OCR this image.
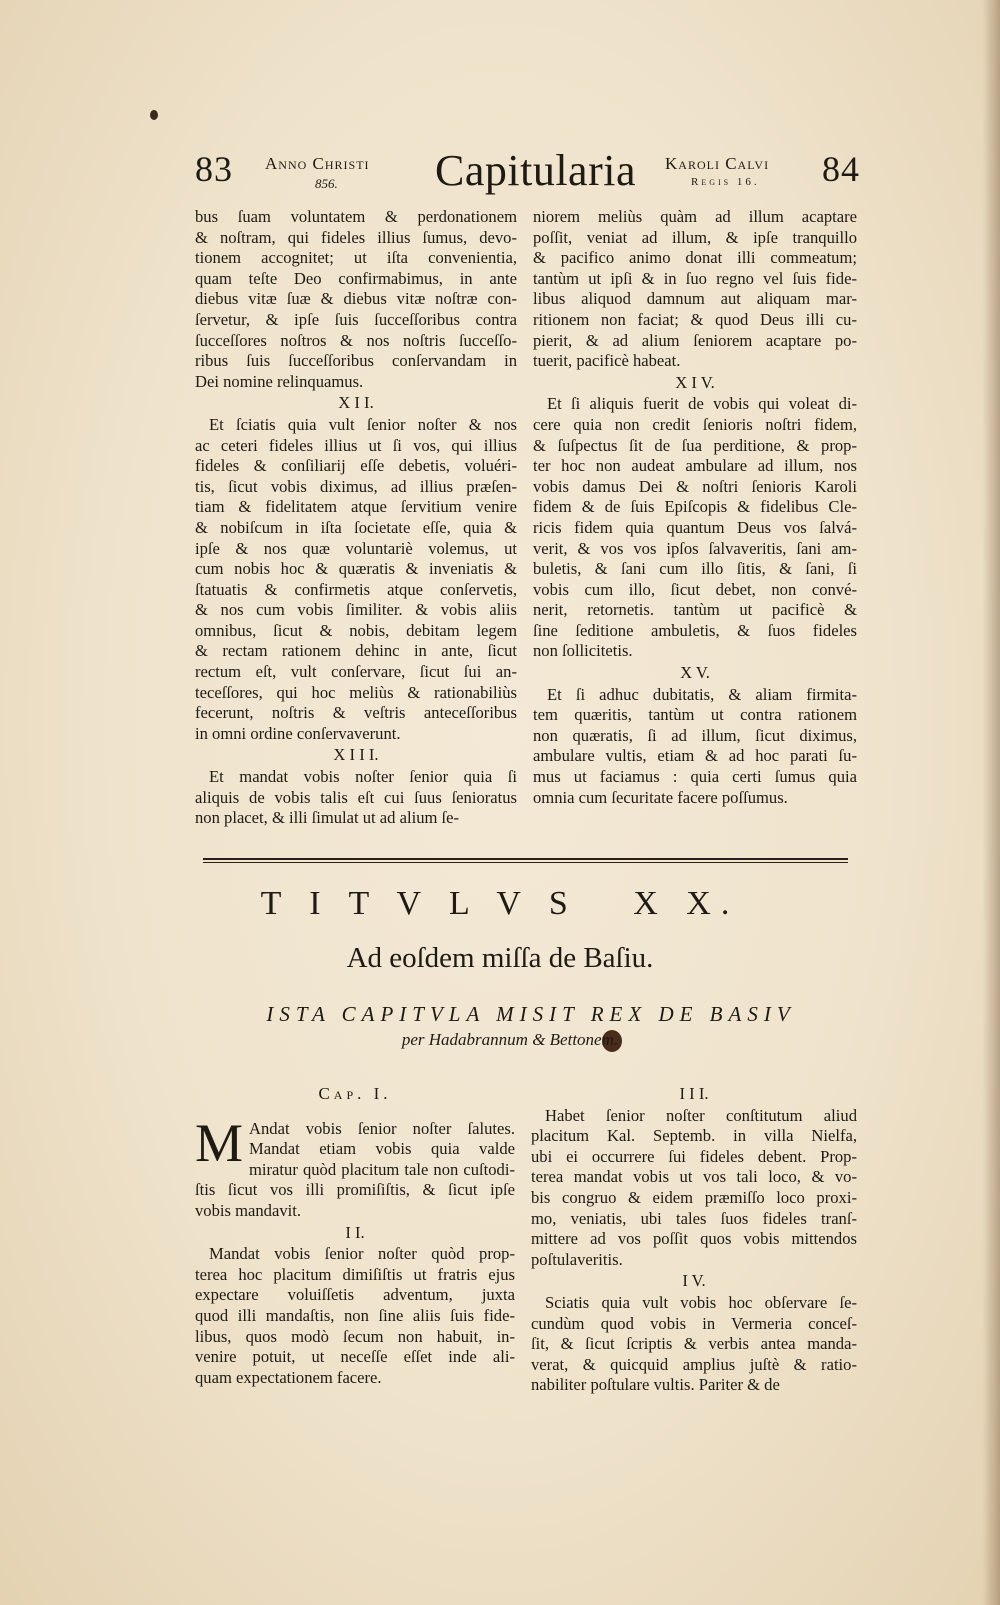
83 Anno Christi
856. Capitularia Karoli Calvi
Regis 16. 84
bus ſuam voluntatem & perdonationem
& noſtram, qui fideles illius ſumus, devo-
tionem accognitet; ut iſta convenientia,
quam teſte Deo confirmabimus, in ante
diebus vitæ ſuæ & diebus vitæ noſtræ con-
ſervetur, & ipſe ſuis ſucceſſoribus contra
ſucceſſores noſtros & nos noſtris ſucceſſo-
ribus ſuis ſucceſſoribus conſervandam in
Dei nomine relinquamus.

X I I.

Et ſciatis quia vult ſenior noſter & nos
ac ceteri fideles illius ut ſi vos, qui illius
fideles & conſiliarij eſſe debetis, voluéri-
tis, ſicut vobis diximus, ad illius præſen-
tiam & fidelitatem atque ſervitium venire
& nobiſcum in iſta ſocietate eſſe, quia &
ipſe & nos quæ voluntariè volemus, ut
cum nobis hoc & quæratis & inveniatis &
ſtatuatis & confirmetis atque conſervetis,
& nos cum vobis ſimiliter. & vobis aliis
omnibus, ſicut & nobis, debitam legem
& rectam rationem dehinc in ante, ſicut
rectum eſt, vult conſervare, ſicut ſui an-
teceſſores, qui hoc meliùs & rationabiliùs
fecerunt, noſtris & veſtris anteceſſoribus
in omni ordine conſervaverunt.

X I I I.

Et mandat vobis noſter ſenior quia ſi
aliquis de vobis talis eſt cui ſuus ſenioratus
non placet, & illi ſimulat ut ad alium ſe-
niorem meliùs quàm ad illum acaptare
poſſit, veniat ad illum, & ipſe tranquillo
& pacifico animo donat illi commeatum;
tantùm ut ipſi & in ſuo regno vel ſuis fide-
libus aliquod damnum aut aliquam mar-
ritionem non faciat; & quod Deus illi cu-
pierit, & ad alium ſeniorem acaptare po-
tuerit, pacificè habeat.

X I V.

Et ſi aliquis fuerit de vobis qui voleat di-
cere quia non credit ſenioris noſtri fidem,
& ſuſpectus ſit de ſua perditione, & prop-
ter hoc non audeat ambulare ad illum, nos
vobis damus Dei & noſtri ſenioris Karoli
fidem & de ſuis Epiſcopis & fidelibus Cle-
ricis fidem quia quantum Deus vos ſalvá-
verit, & vos vos ipſos ſalvaveritis, ſani am-
buletis, & ſani cum illo ſitis, & ſani, ſi
vobis cum illo, ſicut debet, non convé-
nerit, retornetis. tantùm ut pacificè &
ſine ſeditione ambuletis, & ſuos fideles
non ſollicitetis.

X V.

Et ſi adhuc dubitatis, & aliam firmita-
tem quæritis, tantùm ut contra rationem
non quæratis, ſi ad illum, ſicut diximus,
ambulare vultis, etiam & ad hoc parati ſu-
mus ut faciamus : quia certi ſumus quia
omnia cum ſecuritate facere poſſumus.
T I T V L V S   X X.
Ad eoſdem miſſa de Baſiu.
ISTA CAPITVLA MISIT REX DE BASIV
per Hadabrannum & Bettonem.

Cap. I.

M Andat vobis ſenior noſter ſalutes.
Mandat etiam vobis quia valde
miratur quòd placitum tale non cuſtodi-
ſtis ſicut vos illi promiſiſtis, & ſicut ipſe
vobis mandavit.

I I.

Mandat vobis ſenior noſter quòd prop-
terea hoc placitum dimiſiſtis ut fratris ejus
expectare voluiſſetis adventum, juxta
quod illi mandaſtis, non ſine aliis ſuis fide-
libus, quos modò ſecum non habuit, in-
venire potuit, ut neceſſe eſſet inde ali-
quam expectationem facere.

I I I.

Habet ſenior noſter conſtitutum aliud
placitum Kal. Septemb. in villa Nielfa,
ubi ei occurrere ſui fideles debent. Prop-
terea mandat vobis ut vos tali loco, & vo-
bis congruo & eidem præmiſſo loco proxi-
mo, veniatis, ubi tales ſuos fideles tranſ-
mittere ad vos poſſit quos vobis mittendos
poſtulaveritis.

I V.

Sciatis quia vult vobis hoc obſervare ſe-
cundùm quod vobis in Vermeria conceſ-
ſit, & ſicut ſcriptis & verbis antea manda-
verat, & quicquid amplius juſtè & ratio-
nabiliter poſtulare vultis. Pariter & de
